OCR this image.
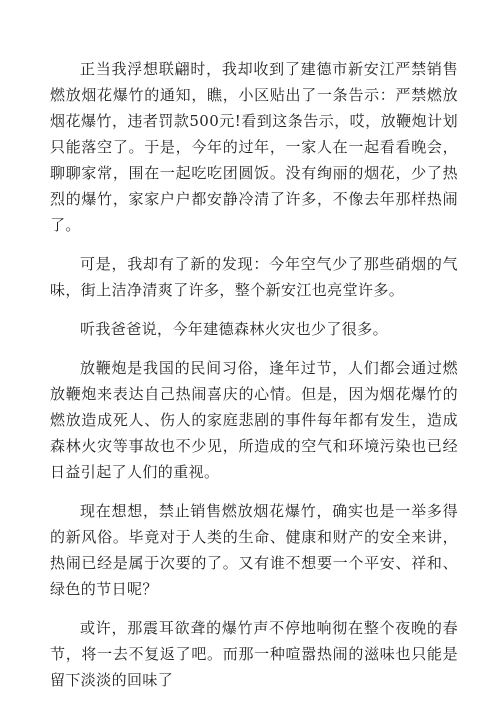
正当我浮想联翩时，我却收到了建德市新安江严禁销售燃放烟花爆竹的通知，瞧，小区贴出了一条告示：严禁燃放烟花爆竹，违者罚款500元!看到这条告示，哎，放鞭炮计划只能落空了。于是，今年的过年，一家人在一起看看晚会，聊聊家常，围在一起吃吃团圆饭。没有绚丽的烟花，少了热烈的爆竹，家家户户都安静冷清了许多，不像去年那样热闹了。

可是，我却有了新的发现：今年空气少了那些硝烟的气味，街上洁净清爽了许多，整个新安江也亮堂许多。

听我爸爸说，今年建德森林火灾也少了很多。

放鞭炮是我国的民间习俗，逢年过节，人们都会通过燃放鞭炮来表达自己热闹喜庆的心情。但是，因为烟花爆竹的燃放造成死人、伤人的家庭悲剧的事件每年都有发生，造成森林火灾等事故也不少见，所造成的空气和环境污染也已经日益引起了人们的重视。

现在想想，禁止销售燃放烟花爆竹，确实也是一举多得的新风俗。毕竟对于人类的生命、健康和财产的安全来讲，热闹已经是属于次要的了。又有谁不想要一个平安、祥和、绿色的节日呢？

或许，那震耳欲聋的爆竹声不停地响彻在整个夜晚的春节，将一去不复返了吧。而那一种喧嚣热闹的滋味也只能是留下淡淡的回味了
